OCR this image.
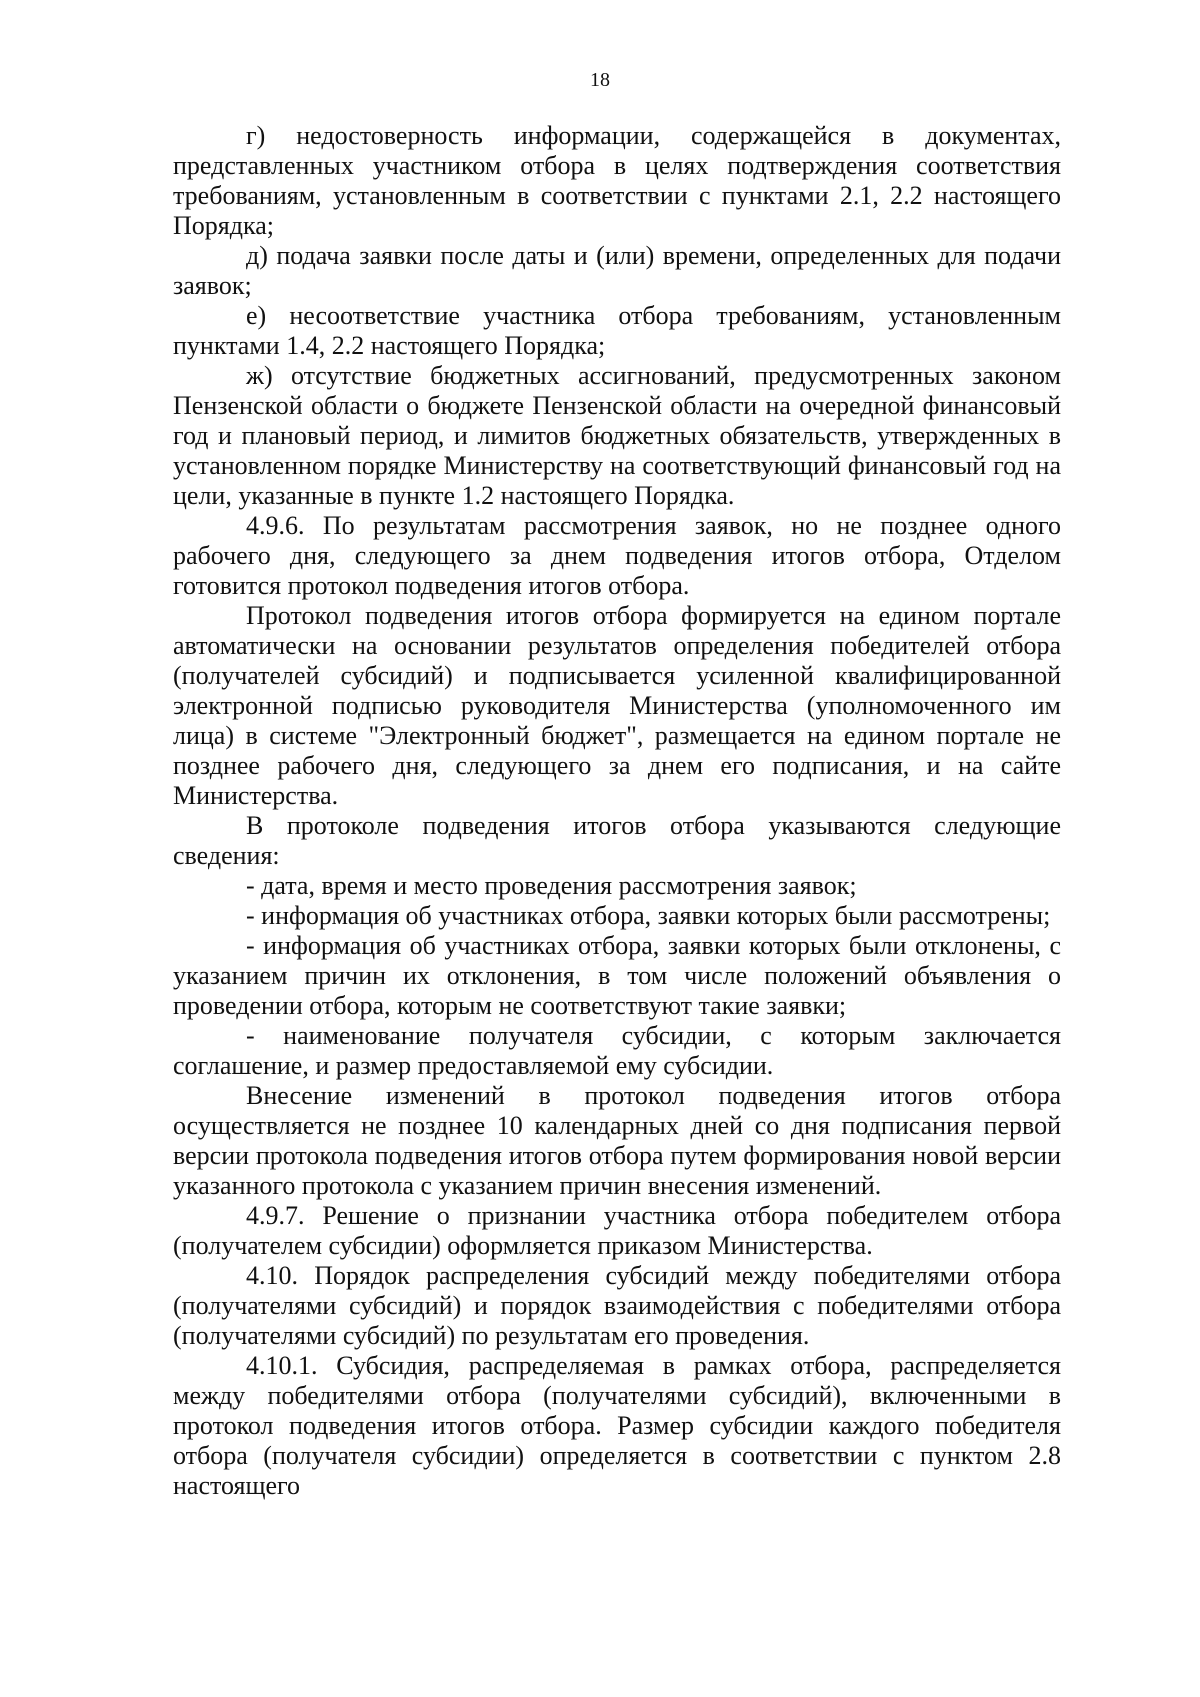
18

г) недостоверность информации, содержащейся в документах, представленных участником отбора в целях подтверждения соответствия требованиям, установленным в соответствии с пунктами 2.1, 2.2 настоящего Порядка;

д) подача заявки после даты и (или) времени, определенных для подачи заявок;

е) несоответствие участника отбора требованиям, установленным пунктами 1.4, 2.2 настоящего Порядка;

ж) отсутствие бюджетных ассигнований, предусмотренных законом Пензенской области о бюджете Пензенской области на очередной финансовый год и плановый период, и лимитов бюджетных обязательств, утвержденных в установленном порядке Министерству на соответствующий финансовый год на цели, указанные в пункте 1.2 настоящего Порядка.

4.9.6. По результатам рассмотрения заявок, но не позднее одного рабочего дня, следующего за днем подведения итогов отбора, Отделом готовится протокол подведения итогов отбора.

Протокол подведения итогов отбора формируется на едином портале автоматически на основании результатов определения победителей отбора (получателей субсидий) и подписывается усиленной квалифицированной электронной подписью руководителя Министерства (уполномоченного им лица) в системе "Электронный бюджет", размещается на едином портале не позднее рабочего дня, следующего за днем его подписания, и на сайте Министерства.

В протоколе подведения итогов отбора указываются следующие сведения:

- дата, время и место проведения рассмотрения заявок;

- информация об участниках отбора, заявки которых были рассмотрены;

- информация об участниках отбора, заявки которых были отклонены, с указанием причин их отклонения, в том числе положений объявления о проведении отбора, которым не соответствуют такие заявки;

- наименование получателя субсидии, с которым заключается соглашение, и размер предоставляемой ему субсидии.

Внесение изменений в протокол подведения итогов отбора осуществляется не позднее 10 календарных дней со дня подписания первой версии протокола подведения итогов отбора путем формирования новой версии указанного протокола с указанием причин внесения изменений.

4.9.7. Решение о признании участника отбора победителем отбора (получателем субсидии) оформляется приказом Министерства.

4.10. Порядок распределения субсидий между победителями отбора (получателями субсидий) и порядок взаимодействия с победителями отбора (получателями субсидий) по результатам его проведения.

4.10.1. Субсидия, распределяемая в рамках отбора, распределяется между победителями отбора (получателями субсидий), включенными в протокол подведения итогов отбора. Размер субсидии каждого победителя отбора (получателя субсидии) определяется в соответствии с пунктом 2.8 настоящего
